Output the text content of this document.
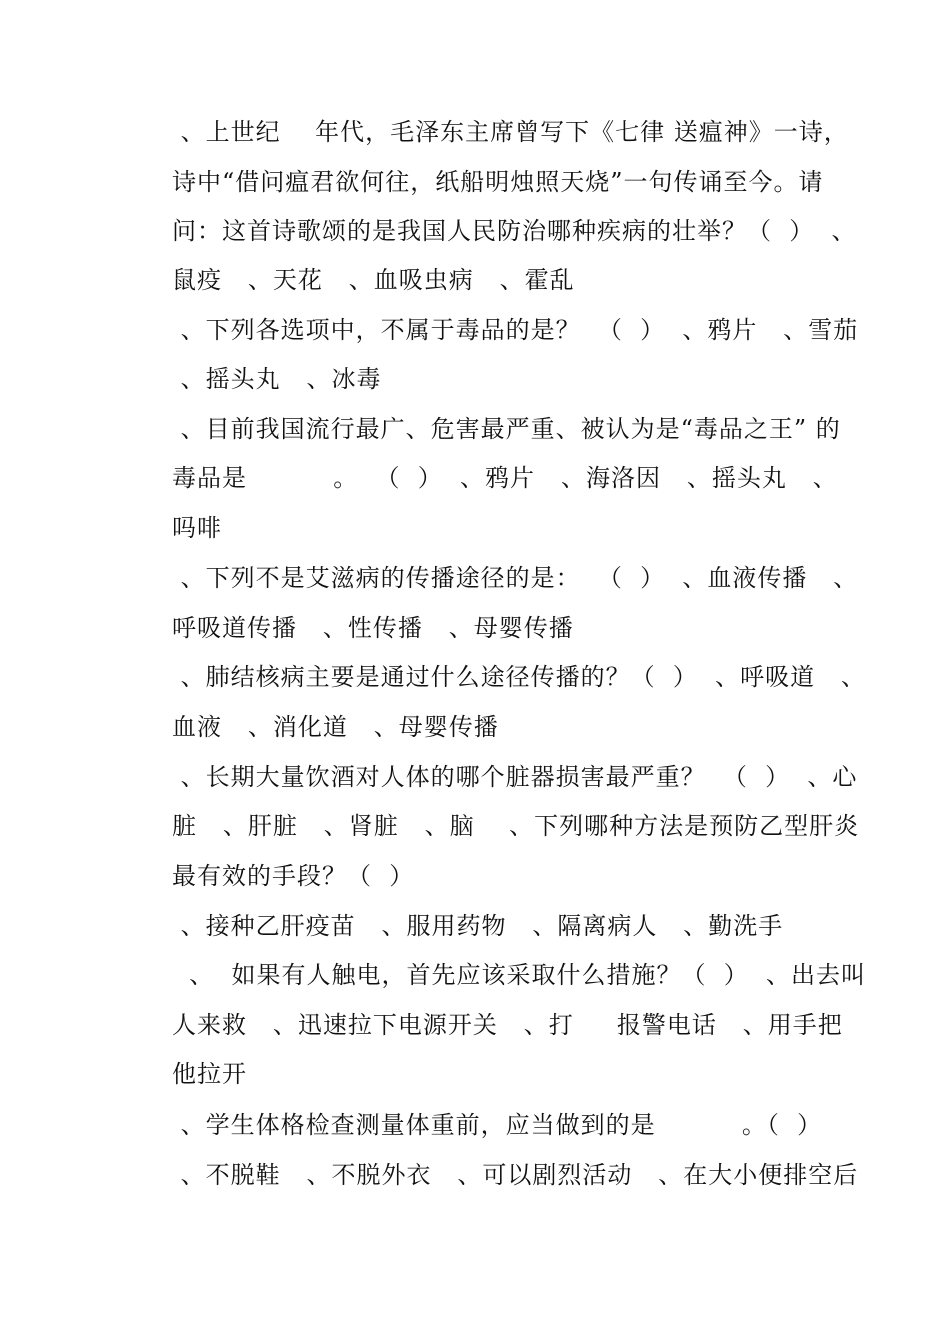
、上世纪    年代，毛泽东主席曾写下《七律 送瘟神》一诗，
诗中“借问瘟君欲何往，纸船明烛照天烧”一句传诵至今。请
问：这首诗歌颂的是我国人民防治哪种疾病的壮举？（  ）  、
鼠疫   、天花   、血吸虫病   、霍乱
、下列各选项中，不属于毒品的是？  （  ）  、鸦片   、雪茄
、摇头丸   、冰毒
、目前我国流行最广、危害最严重、被认为是“毒品之王” 的
毒品是          。  （  ）  、鸦片   、海洛因   、摇头丸   、
吗啡
、下列不是艾滋病的传播途径的是：  （  ）  、血液传播   、
呼吸道传播   、性传播   、母婴传播
、肺结核病主要是通过什么途径传播的？（  ）  、呼吸道   、
血液   、消化道   、母婴传播
、长期大量饮酒对人体的哪个脏器损害最严重？  （  ）  、心
脏   、肝脏   、肾脏   、脑    、下列哪种方法是预防乙型肝炎
最有效的手段？（  ）
、接种乙肝疫苗   、服用药物   、隔离病人   、勤洗手
、  如果有人触电，首先应该采取什么措施？（  ）  、出去叫
人来救   、迅速拉下电源开关   、打     报警电话   、用手把
他拉开
、学生体格检查测量体重前，应当做到的是          。（  ）
、不脱鞋   、不脱外衣   、可以剧烈活动   、在大小便排空后
